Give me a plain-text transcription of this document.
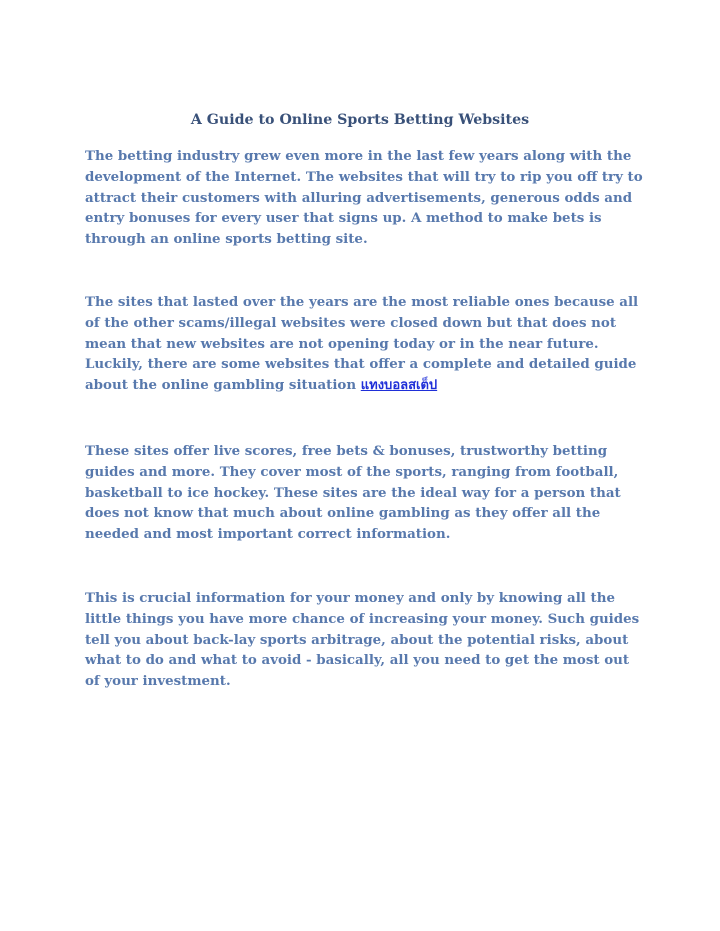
A Guide to Online Sports Betting Websites

The betting industry grew even more in the last few years along with the development of the Internet. The websites that will try to rip you off try to attract their customers with alluring advertisements, generous odds and entry bonuses for every user that signs up. A method to make bets is through an online sports betting site.

The sites that lasted over the years are the most reliable ones because all of the other scams/illegal websites were closed down but that does not mean that new websites are not opening today or in the near future. Luckily, there are some websites that offer a complete and detailed guide about the online gambling situation แทงบอลสเต็ป

These sites offer live scores, free bets & bonuses, trustworthy betting guides and more. They cover most of the sports, ranging from football, basketball to ice hockey. These sites are the ideal way for a person that does not know that much about online gambling as they offer all the needed and most important correct information.

This is crucial information for your money and only by knowing all the little things you have more chance of increasing your money. Such guides tell you about back-lay sports arbitrage, about the potential risks, about what to do and what to avoid - basically, all you need to get the most out of your investment.
